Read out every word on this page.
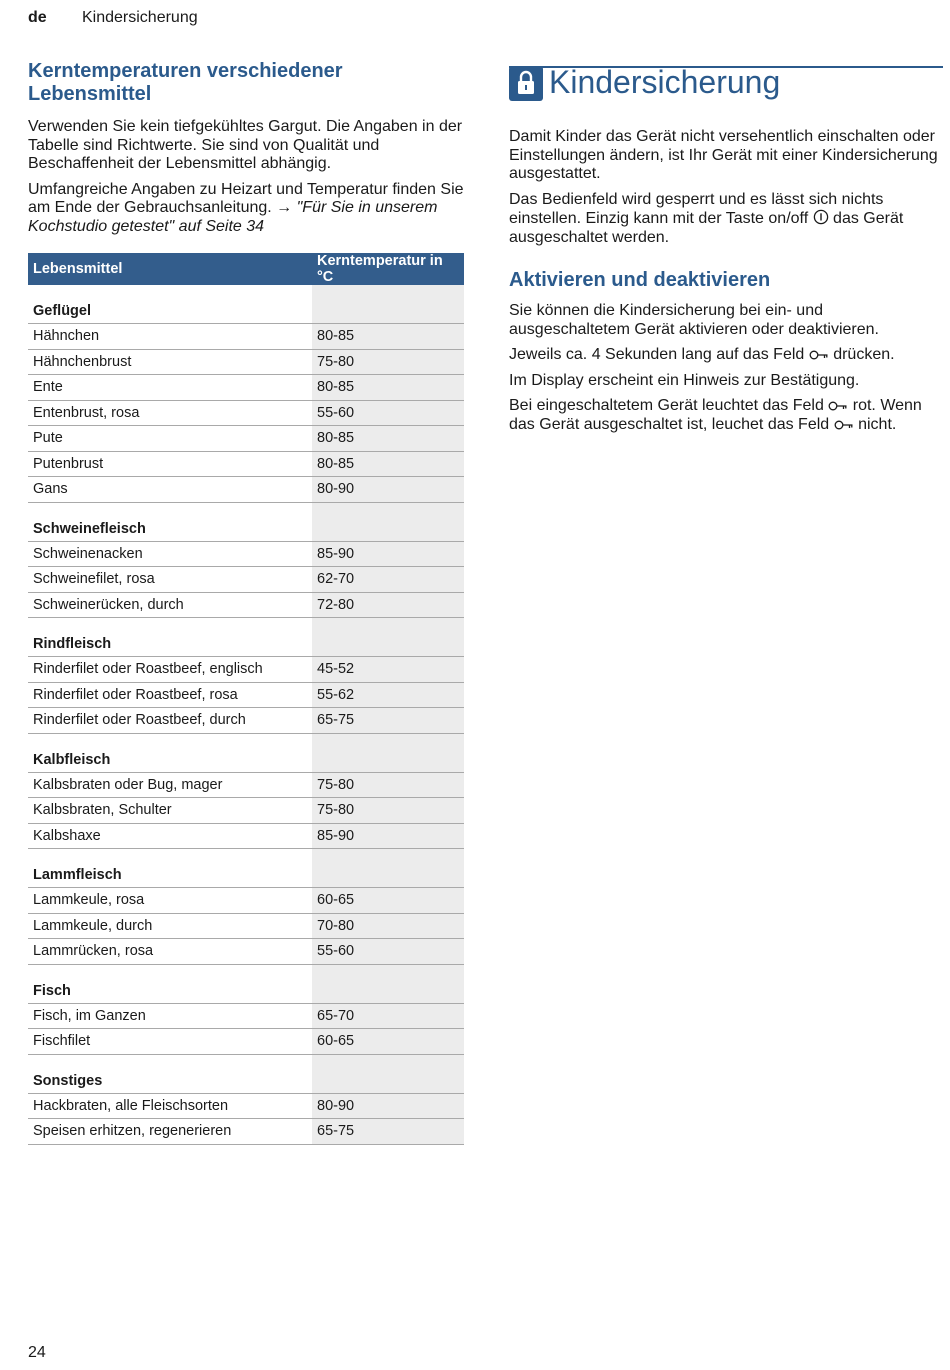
de Kindersicherung
Kerntemperaturen verschiedener Lebensmittel

Verwenden Sie kein tiefgekühltes Gargut. Die Angaben in der Tabelle sind Richtwerte. Sie sind von Qualität und Beschaffenheit der Lebensmittel abhängig.

Umfangreiche Angaben zu Heizart und Temperatur finden Sie am Ende der Gebrauchsanleitung. → "Für Sie in unserem Kochstudio getestet" auf Seite 34

Lebensmittel	Kerntemperatur in °C
Geflügel	
Hähnchen	80-85
Hähnchenbrust	75-80
Ente	80-85
Entenbrust, rosa	55-60
Pute	80-85
Putenbrust	80-85
Gans	80-90
Schweinefleisch	
Schweinenacken	85-90
Schweinefilet, rosa	62-70
Schweinerücken, durch	72-80
Rindfleisch	
Rinderfilet oder Roastbeef, englisch	45-52
Rinderfilet oder Roastbeef, rosa	55-62
Rinderfilet oder Roastbeef, durch	65-75
Kalbfleisch	
Kalbsbraten oder Bug, mager	75-80
Kalbsbraten, Schulter	75-80
Kalbshaxe	85-90
Lammfleisch	
Lammkeule, rosa	60-65
Lammkeule, durch	70-80
Lammrücken, rosa	55-60
Fisch	
Fisch, im Ganzen	65-70
Fischfilet	60-65
Sonstiges	
Hackbraten, alle Fleischsorten	80-90
Speisen erhitzen, regenerieren	65-75
Kindersicherung

Damit Kinder das Gerät nicht versehentlich einschalten oder Einstellungen ändern, ist Ihr Gerät mit einer Kindersicherung ausgestattet.

Das Bedienfeld wird gesperrt und es lässt sich nichts einstellen. Einzig kann mit der Taste on/off das Gerät ausgeschaltet werden.

Aktivieren und deaktivieren

Sie können die Kindersicherung bei ein- und ausgeschaltetem Gerät aktivieren oder deaktivieren.

Jeweils ca. 4 Sekunden lang auf das Feld drücken.

Im Display erscheint ein Hinweis zur Bestätigung.

Bei eingeschaltetem Gerät leuchtet das Feld rot. Wenn das Gerät ausgeschaltet ist, leuchet das Feld nicht.

24
